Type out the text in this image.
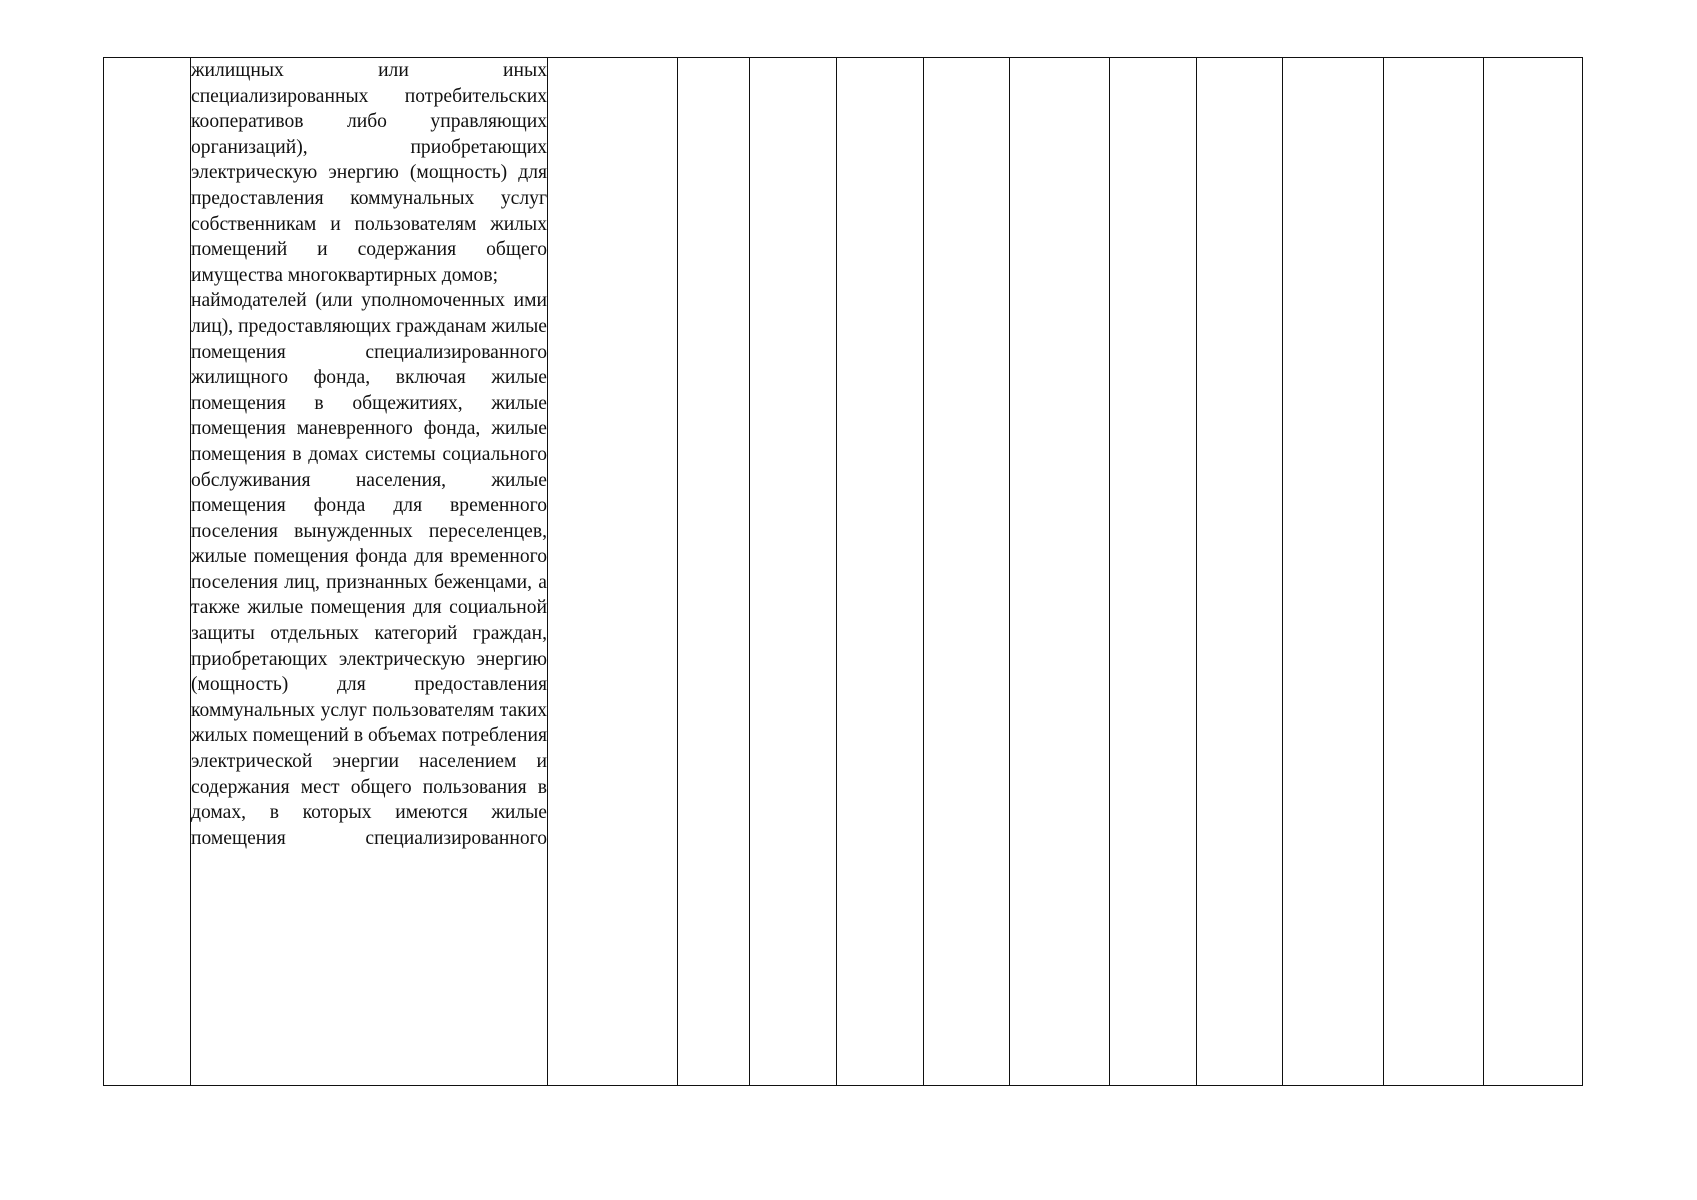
жилищных или иных специализированных потребительских кооперативов либо управляющих организаций), приобретающих электрическую энергию (мощность) для предоставления коммунальных услуг собственникам и пользователям жилых помещений и содержания общего имущества многоквартирных домов;

наймодателей (или уполномоченных ими лиц), предоставляющих гражданам жилые помещения специализированного жилищного фонда, включая жилые помещения в общежитиях, жилые помещения маневренного фонда, жилые помещения в домах системы социального обслуживания населения, жилые помещения фонда для временного поселения вынужденных переселенцев, жилые помещения фонда для временного поселения лиц, признанных беженцами, а также жилые помещения для социальной защиты отдельных категорий граждан, приобретающих электрическую энергию (мощность) для предоставления коммунальных услуг пользователям таких жилых помещений в объемах потребления электрической энергии населением и содержания мест общего пользования в домах, в которых имеются жилые помещения специализированного
